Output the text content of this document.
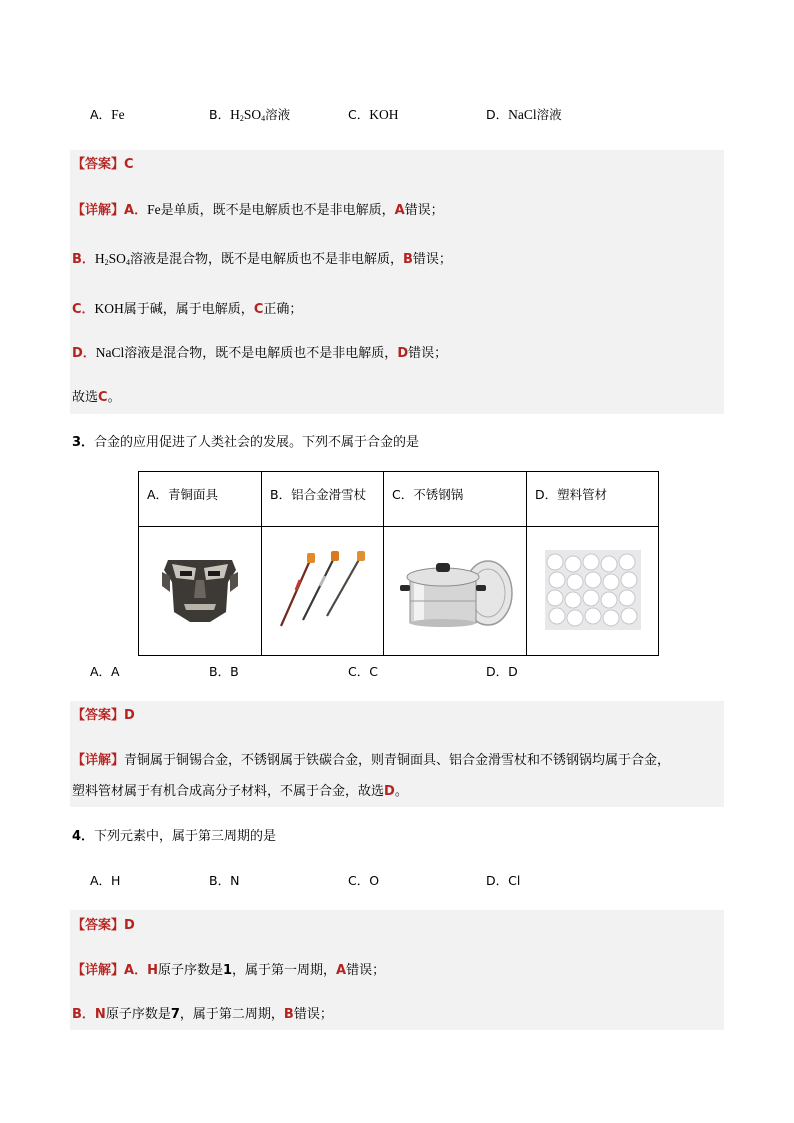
A．Fe	B．$H_2SO_4$溶液	C．KOH	D．NaCl溶液
【答案】C
【详解】A．Fe是单质，既不是电解质也不是非电解质，A错误；
B．$H_2SO_4$溶液是混合物，既不是电解质也不是非电解质，B错误；
C．KOH属于碱，属于电解质，C正确；
D．NaCl溶液是混合物，既不是电解质也不是非电解质，D错误；
故选C。
3．合金的应用促进了人类社会的发展。下列不属于合金的是
A．青铜面具	B．铝合金滑雪杖	C．不锈钢锅	D．塑料管材

A．A	B．B	C．C	D．D
【答案】D
【详解】青铜属于铜锡合金，不锈钢属于铁碳合金，则青铜面具、铝合金滑雪杖和不锈钢锅均属于合金，
塑料管材属于有机合成高分子材料，不属于合金，故选D。
4．下列元素中，属于第三周期的是
A．H	B．N	C．O	D．Cl
【答案】D
【详解】A．H原子序数是1，属于第一周期，A错误；
B．N原子序数是7，属于第二周期，B错误；
